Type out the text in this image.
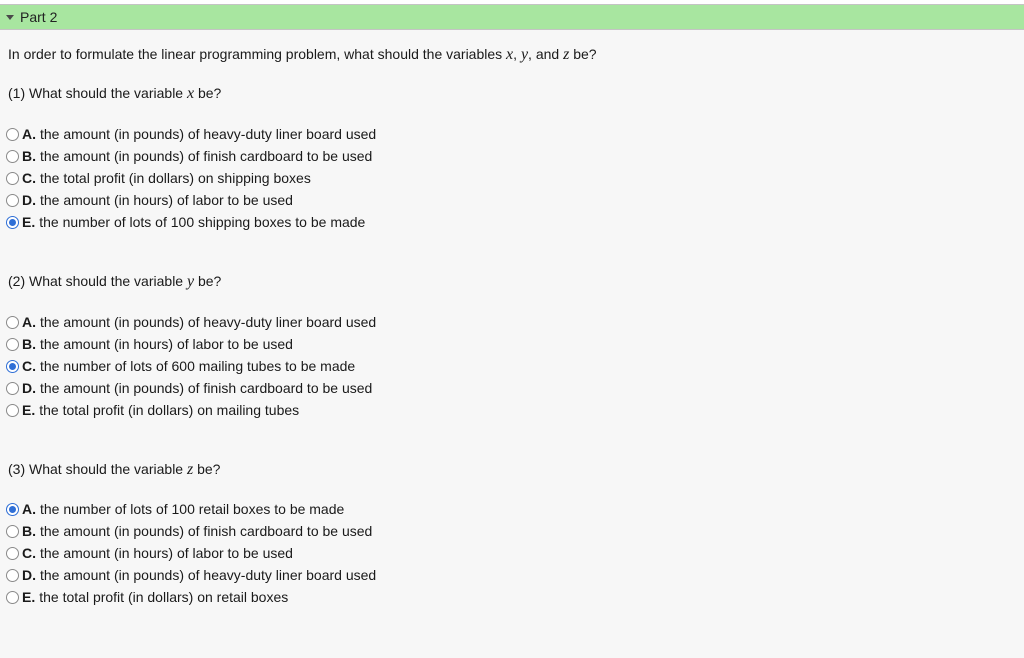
Part 2
In order to formulate the linear programming problem, what should the variables x, y, and z be?
(1) What should the variable x be?
A. the amount (in pounds) of heavy-duty liner board used
B. the amount (in pounds) of finish cardboard to be used
C. the total profit (in dollars) on shipping boxes
D. the amount (in hours) of labor to be used
E. the number of lots of 100 shipping boxes to be made
(2) What should the variable y be?
A. the amount (in pounds) of heavy-duty liner board used
B. the amount (in hours) of labor to be used
C. the number of lots of 600 mailing tubes to be made
D. the amount (in pounds) of finish cardboard to be used
E. the total profit (in dollars) on mailing tubes
(3) What should the variable z be?
A. the number of lots of 100 retail boxes to be made
B. the amount (in pounds) of finish cardboard to be used
C. the amount (in hours) of labor to be used
D. the amount (in pounds) of heavy-duty liner board used
E. the total profit (in dollars) on retail boxes
